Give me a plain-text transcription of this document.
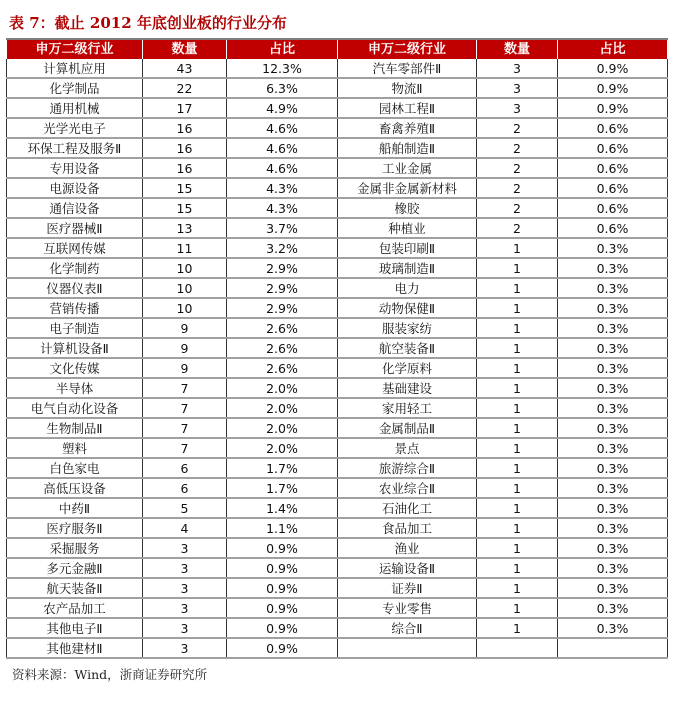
表 7：截止 2012 年底创业板的行业分布
申万二级行业	数量	占比	申万二级行业	数量	占比
计算机应用	43	12.3%	汽车零部件Ⅱ	3	0.9%
化学制品	22	6.3%	物流Ⅱ	3	0.9%
通用机械	17	4.9%	园林工程Ⅱ	3	0.9%
光学光电子	16	4.6%	畜禽养殖Ⅱ	2	0.6%
环保工程及服务Ⅱ	16	4.6%	船舶制造Ⅱ	2	0.6%
专用设备	16	4.6%	工业金属	2	0.6%
电源设备	15	4.3%	金属非金属新材料	2	0.6%
通信设备	15	4.3%	橡胶	2	0.6%
医疗器械Ⅱ	13	3.7%	种植业	2	0.6%
互联网传媒	11	3.2%	包装印刷Ⅱ	1	0.3%
化学制药	10	2.9%	玻璃制造Ⅱ	1	0.3%
仪器仪表Ⅱ	10	2.9%	电力	1	0.3%
营销传播	10	2.9%	动物保健Ⅱ	1	0.3%
电子制造	9	2.6%	服装家纺	1	0.3%
计算机设备Ⅱ	9	2.6%	航空装备Ⅱ	1	0.3%
文化传媒	9	2.6%	化学原料	1	0.3%
半导体	7	2.0%	基础建设	1	0.3%
电气自动化设备	7	2.0%	家用轻工	1	0.3%
生物制品Ⅱ	7	2.0%	金属制品Ⅱ	1	0.3%
塑料	7	2.0%	景点	1	0.3%
白色家电	6	1.7%	旅游综合Ⅱ	1	0.3%
高低压设备	6	1.7%	农业综合Ⅱ	1	0.3%
中药Ⅱ	5	1.4%	石油化工	1	0.3%
医疗服务Ⅱ	4	1.1%	食品加工	1	0.3%
采掘服务	3	0.9%	渔业	1	0.3%
多元金融Ⅱ	3	0.9%	运输设备Ⅱ	1	0.3%
航天装备Ⅱ	3	0.9%	证券Ⅱ	1	0.3%
农产品加工	3	0.9%	专业零售	1	0.3%
其他电子Ⅱ	3	0.9%	综合Ⅱ	1	0.3%
其他建材Ⅱ	3	0.9%			
资料来源：Wind，浙商证券研究所
